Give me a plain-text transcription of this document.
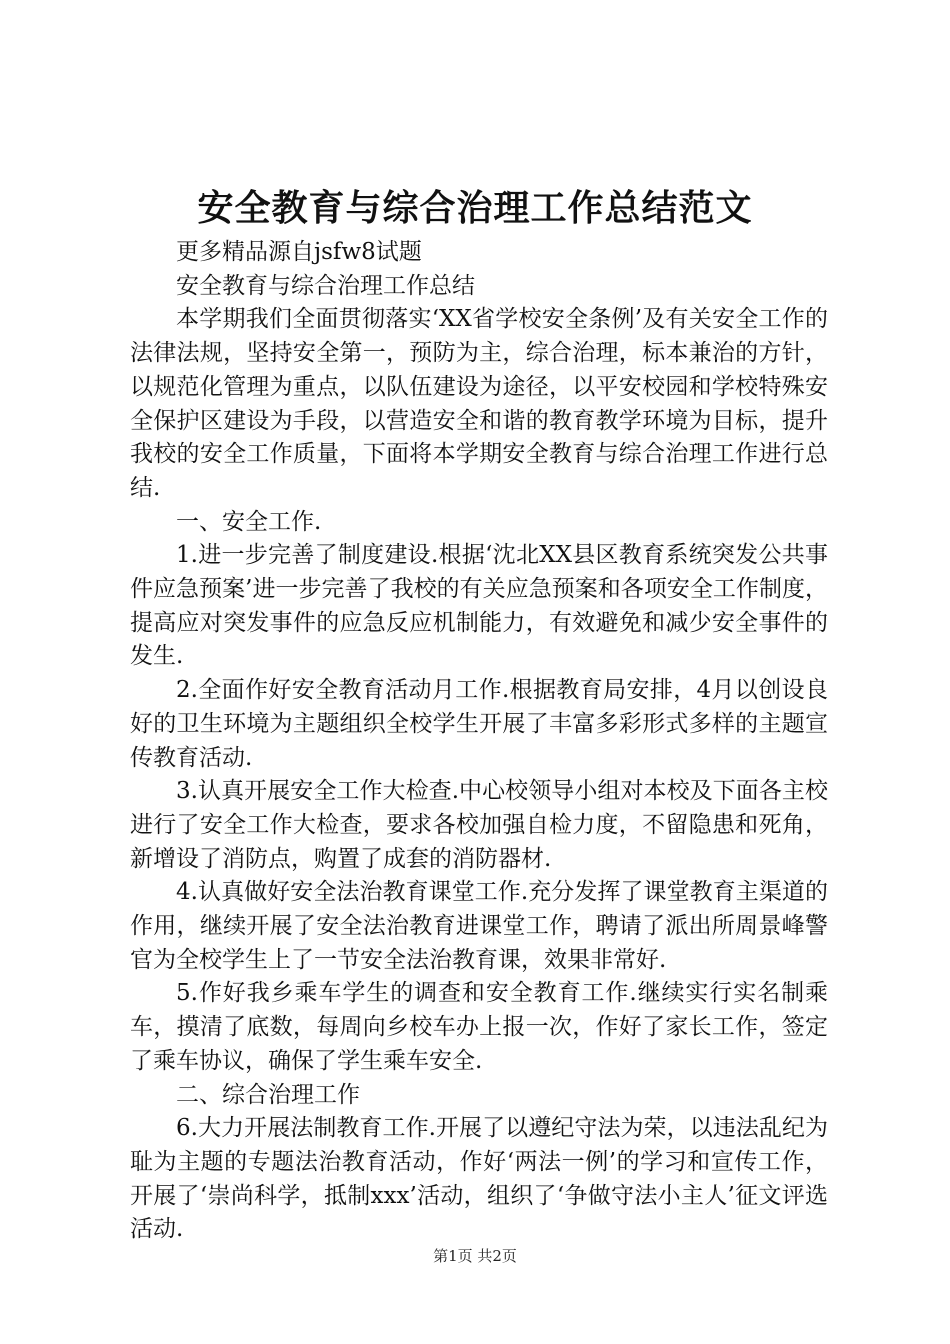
安全教育与综合治理工作总结范文

更多精品源自jsfw8试题

安全教育与综合治理工作总结

本学期我们全面贯彻落实‘XX省学校安全条例’及有关安全工作的法律法规，坚持安全第一，预防为主，综合治理，标本兼治的方针，以规范化管理为重点，以队伍建设为途径，以平安校园和学校特殊安全保护区建设为手段，以营造安全和谐的教育教学环境为目标，提升我校的安全工作质量，下面将本学期安全教育与综合治理工作进行总结.

一、安全工作.

1.进一步完善了制度建设.根据‘沈北XX县区教育系统突发公共事件应急预案’进一步完善了我校的有关应急预案和各项安全工作制度，提高应对突发事件的应急反应机制能力，有效避免和减少安全事件的发生.

2.全面作好安全教育活动月工作.根据教育局安排，4月以创设良好的卫生环境为主题组织全校学生开展了丰富多彩形式多样的主题宣传教育活动.

3.认真开展安全工作大检查.中心校领导小组对本校及下面各主校进行了安全工作大检查，要求各校加强自检力度，不留隐患和死角，新增设了消防点，购置了成套的消防器材.

4.认真做好安全法治教育课堂工作.充分发挥了课堂教育主渠道的作用，继续开展了安全法治教育进课堂工作，聘请了派出所周景峰警官为全校学生上了一节安全法治教育课，效果非常好.

5.作好我乡乘车学生的调查和安全教育工作.继续实行实名制乘车，摸清了底数，每周向乡校车办上报一次，作好了家长工作，签定了乘车协议，确保了学生乘车安全.

二、综合治理工作

6.大力开展法制教育工作.开展了以遵纪守法为荣，以违法乱纪为耻为主题的专题法治教育活动，作好‘两法一例’的学习和宣传工作，开展了‘崇尚科学，抵制xxx’活动，组织了‘争做守法小主人’征文评选活动.

第1页 共2页
